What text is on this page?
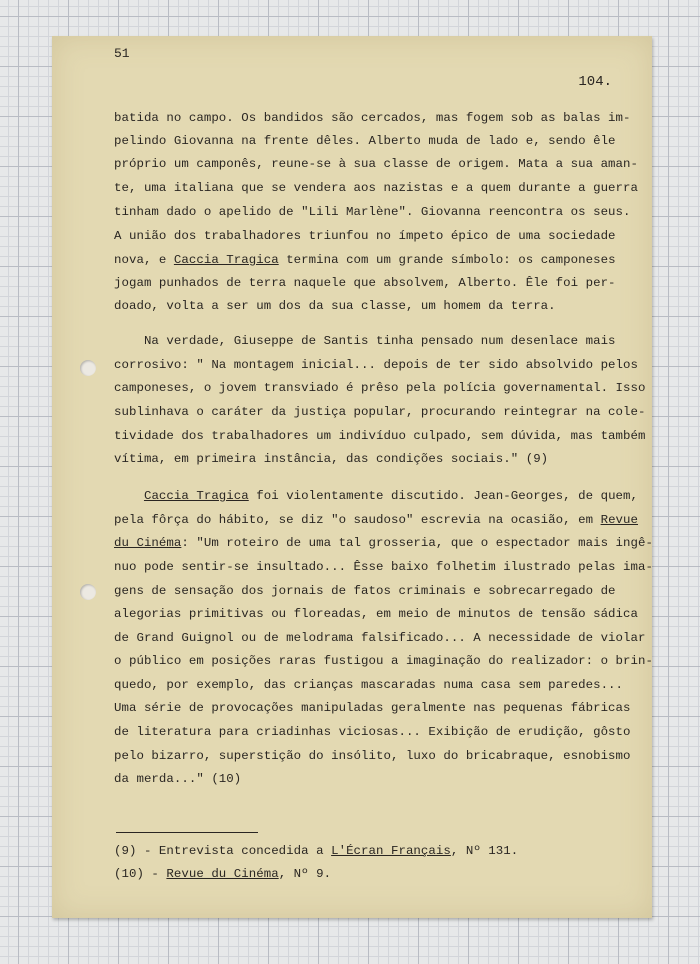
51
104.
batida no campo. Os bandidos são cercados, mas fogem sob as balas im-
pelindo Giovanna na frente dêles. Alberto muda de lado e, sendo êle
próprio um camponês, reune-se à sua classe de origem. Mata a sua aman-
te, uma italiana que se vendera aos nazistas e a quem durante a guerra
tinham dado o apelido de "Lili Marlène". Giovanna reencontra os seus.
A união dos trabalhadores triunfou no ímpeto épico de uma sociedade
nova, e Caccia Tragica termina com um grande símbolo: os camponeses
jogam punhados de terra naquele que absolvem, Alberto. Êle foi per-
doado, volta a ser um dos da sua classe, um homem da terra.
Na verdade, Giuseppe de Santis tinha pensado num desenlace mais
corrosivo: " Na montagem inicial... depois de ter sido absolvido pelos
camponeses, o jovem transviado é prêso pela polícia governamental. Isso
sublinhava o caráter da justiça popular, procurando reintegrar na cole-
tividade dos trabalhadores um indivíduo culpado, sem dúvida, mas também
vítima, em primeira instância, das condições sociais." (9)
Caccia Tragica foi violentamente discutido. Jean-Georges, de quem,
pela fôrça do hábito, se diz "o saudoso" escrevia na ocasião, em Revue
du Cinéma: "Um roteiro de uma tal grosseria, que o espectador mais ingê-
nuo pode sentir-se insultado... Êsse baixo folhetim ilustrado pelas ima-
gens de sensação dos jornais de fatos criminais e sobrecarregado de
alegorias primitivas ou floreadas, em meio de minutos de tensão sádica
de Grand Guignol ou de melodrama falsificado... A necessidade de violar
o público em posições raras fustigou a imaginação do realizador: o brin-
quedo, por exemplo, das crianças mascaradas numa casa sem paredes...
Uma série de provocações manipuladas geralmente nas pequenas fábricas
de literatura para criadinhas viciosas... Exibição de erudição, gôsto
pelo bizarro, superstição do insólito, luxo do bricabraque, esnobismo
da merda..." (10)
(9) - Entrevista concedida a L'Écran Français, Nº 131.
(10) - Revue du Cinéma, Nº 9.
